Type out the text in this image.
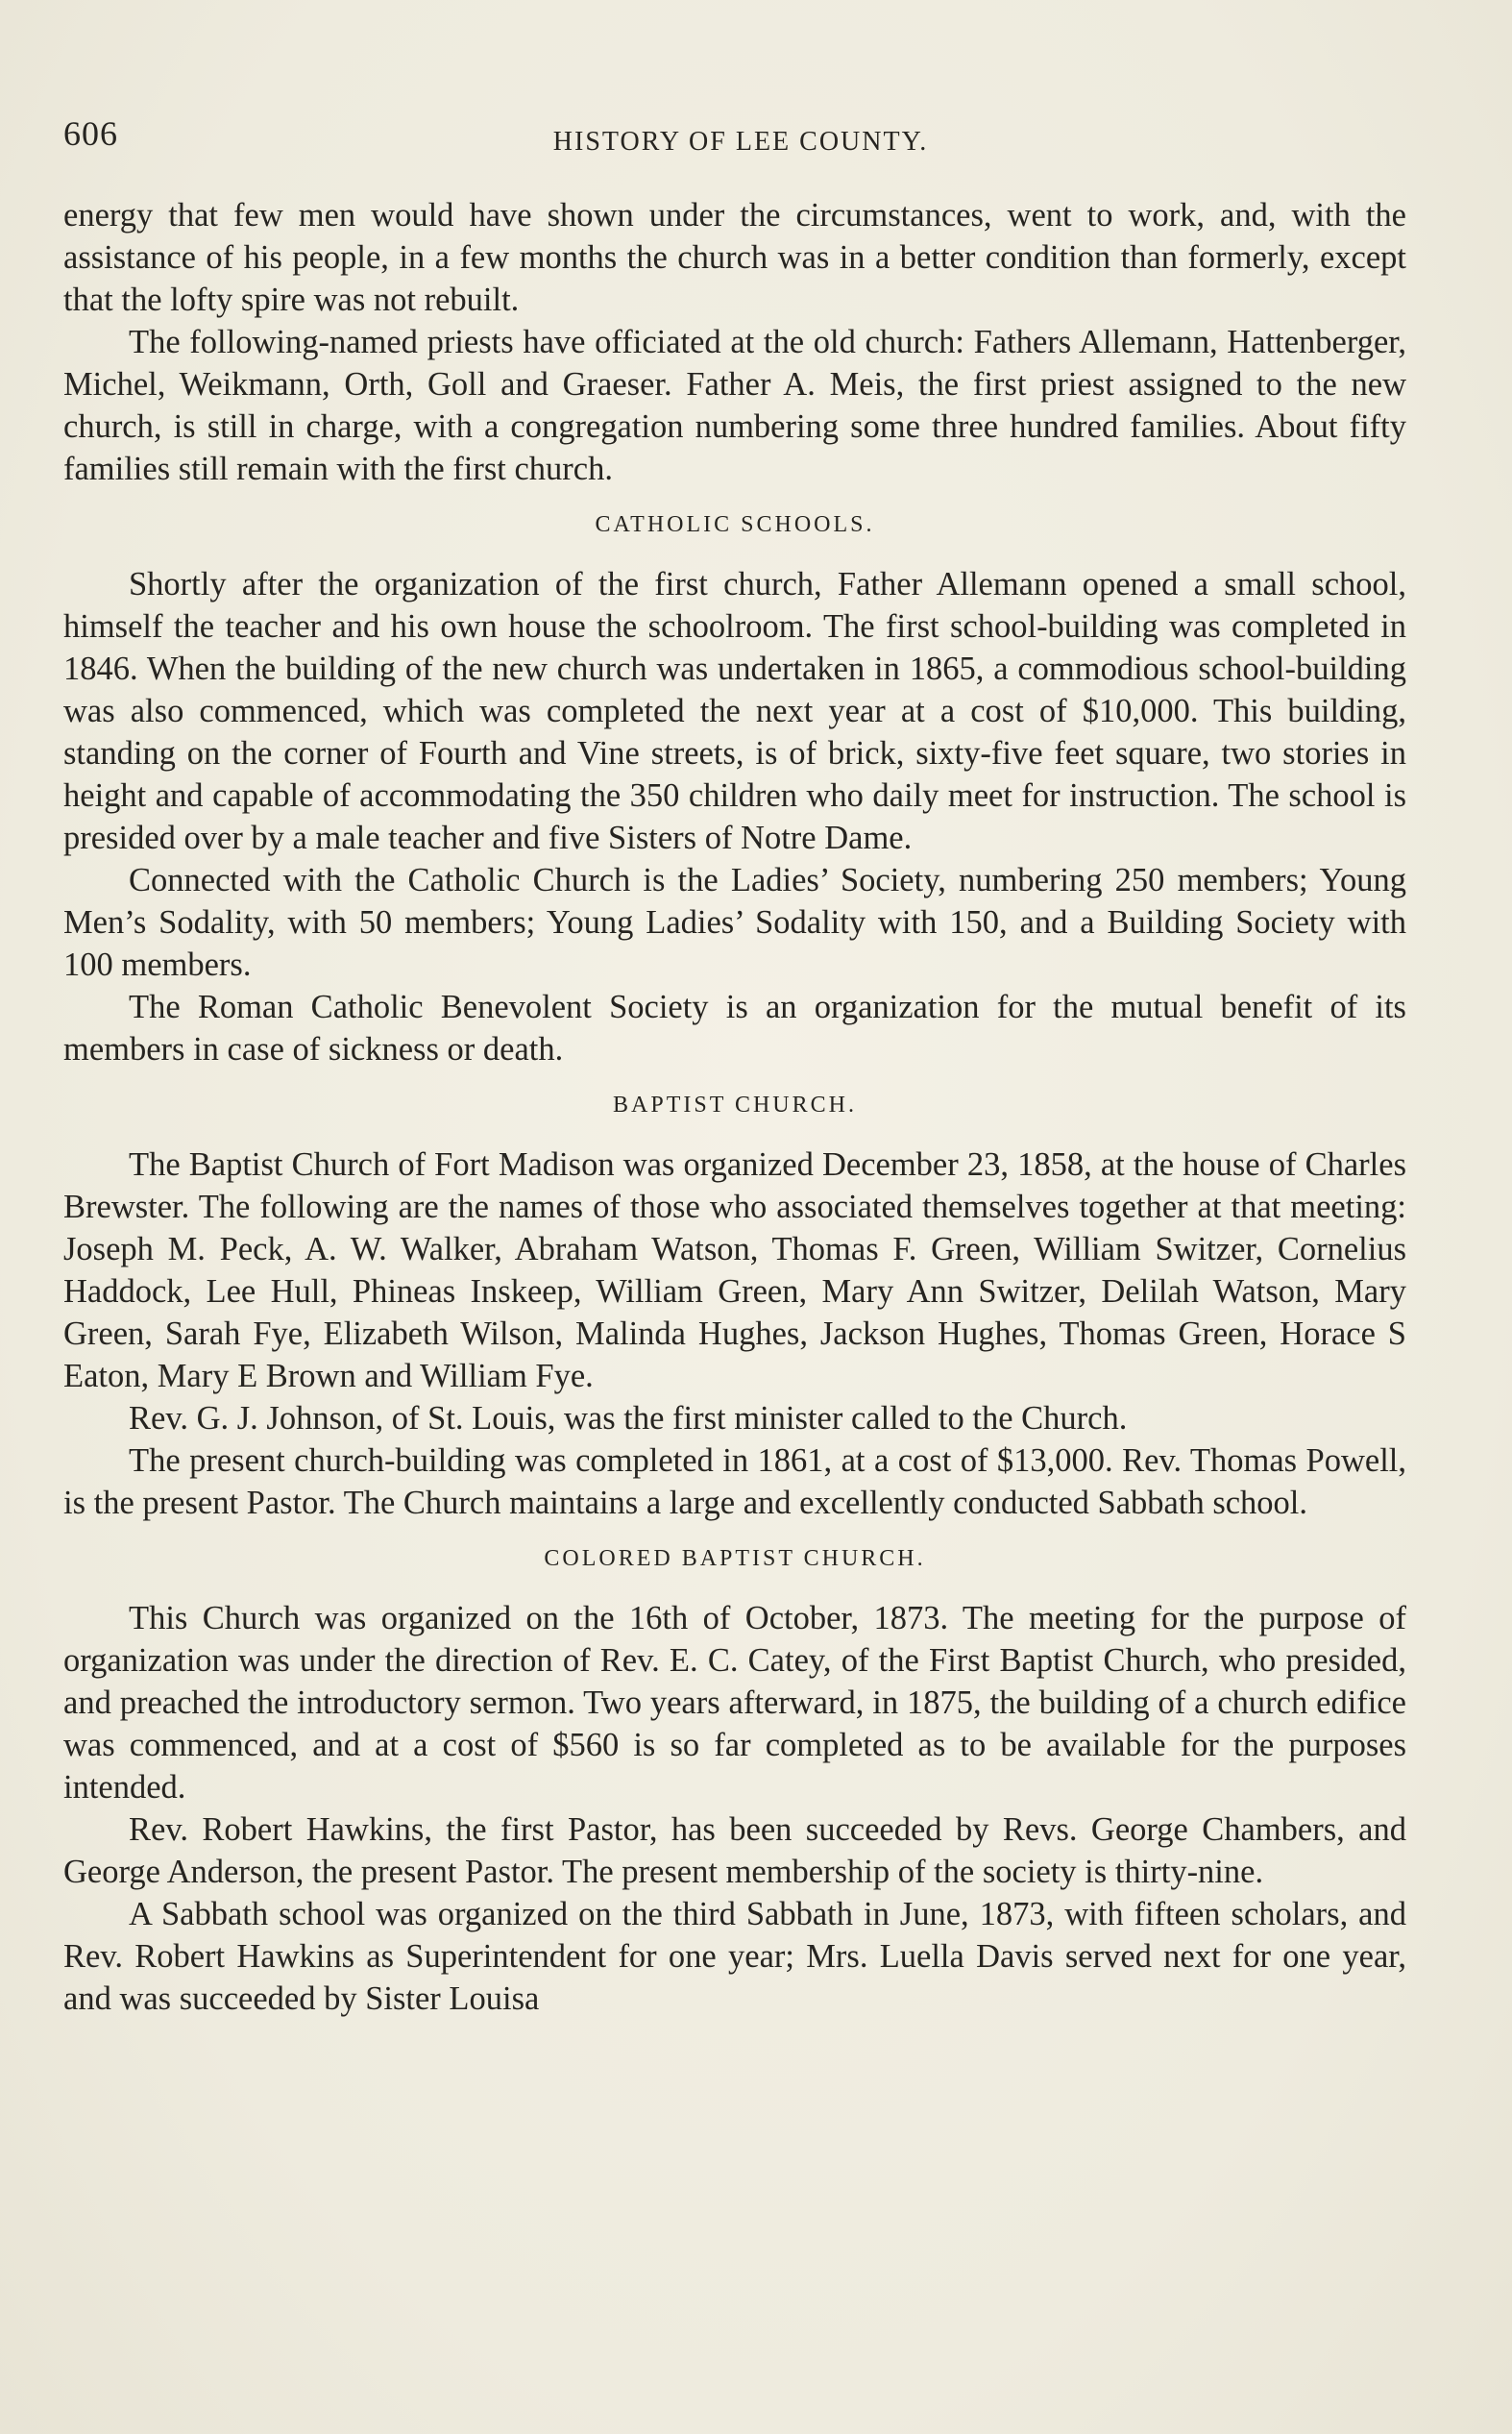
606	HISTORY OF LEE COUNTY.

energy that few men would have shown under the circumstances, went to work, and, with the assistance of his people, in a few months the church was in a better condition than formerly, except that the lofty spire was not rebuilt.

The following-named priests have officiated at the old church: Fathers Allemann, Hattenberger, Michel, Weikmann, Orth, Goll and Graeser. Father A. Meis, the first priest assigned to the new church, is still in charge, with a congregation numbering some three hundred families. About fifty families still remain with the first church.

CATHOLIC SCHOOLS.

Shortly after the organization of the first church, Father Allemann opened a small school, himself the teacher and his own house the schoolroom. The first school-building was completed in 1846. When the building of the new church was undertaken in 1865, a commodious school-building was also commenced, which was completed the next year at a cost of $10,000. This building, standing on the corner of Fourth and Vine streets, is of brick, sixty-five feet square, two stories in height and capable of accommodating the 350 children who daily meet for instruction. The school is presided over by a male teacher and five Sisters of Notre Dame.

Connected with the Catholic Church is the Ladies’ Society, numbering 250 members; Young Men’s Sodality, with 50 members; Young Ladies’ Sodality with 150, and a Building Society with 100 members.

The Roman Catholic Benevolent Society is an organization for the mutual benefit of its members in case of sickness or death.

BAPTIST CHURCH.

The Baptist Church of Fort Madison was organized December 23, 1858, at the house of Charles Brewster. The following are the names of those who associated themselves together at that meeting: Joseph M. Peck, A. W. Walker, Abraham Watson, Thomas F. Green, William Switzer, Cornelius Haddock, Lee Hull, Phineas Inskeep, William Green, Mary Ann Switzer, Delilah Watson, Mary Green, Sarah Fye, Elizabeth Wilson, Malinda Hughes, Jackson Hughes, Thomas Green, Horace S Eaton, Mary E Brown and William Fye.

Rev. G. J. Johnson, of St. Louis, was the first minister called to the Church.

The present church-building was completed in 1861, at a cost of $13,000. Rev. Thomas Powell, is the present Pastor. The Church maintains a large and excellently conducted Sabbath school.

COLORED BAPTIST CHURCH.

This Church was organized on the 16th of October, 1873. The meeting for the purpose of organization was under the direction of Rev. E. C. Catey, of the First Baptist Church, who presided, and preached the introductory sermon. Two years afterward, in 1875, the building of a church edifice was commenced, and at a cost of $560 is so far completed as to be available for the purposes intended.

Rev. Robert Hawkins, the first Pastor, has been succeeded by Revs. George Chambers, and George Anderson, the present Pastor. The present membership of the society is thirty-nine.

A Sabbath school was organized on the third Sabbath in June, 1873, with fifteen scholars, and Rev. Robert Hawkins as Superintendent for one year; Mrs. Luella Davis served next for one year, and was succeeded by Sister Louisa
